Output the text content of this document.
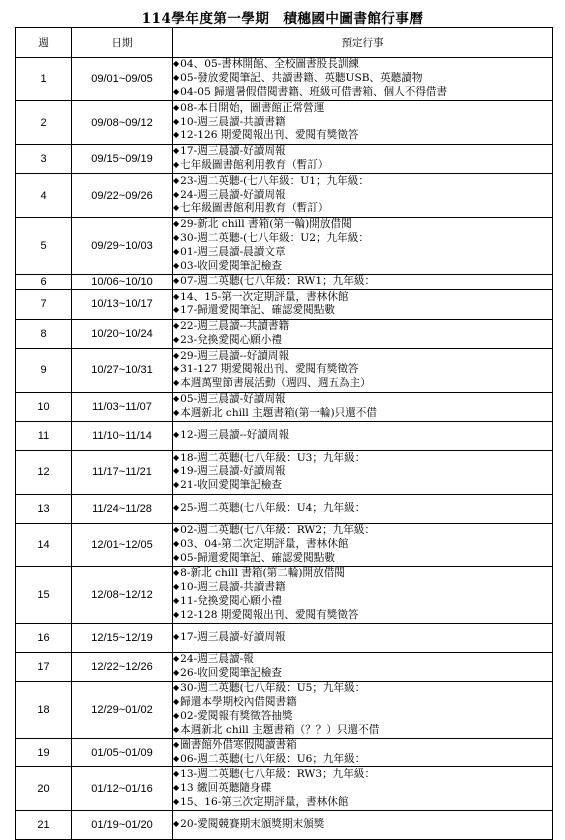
114學年度第一學期　積穗國中圖書館行事曆
週	日期	預定行事
1	09/01~09/05	◆ 04、05-書林開館、全校圖書股長訓練
◆ 05-發放愛閱筆記、共讀書籍、英聽USB、英聽讀物
◆ 04-05 歸還暑假借閱書籍、班級可借書箱、個人不得借書

2	09/08~09/12	◆ 08-本日開始，圖書館正常營運
◆ 10-週三晨讀-共讀書籍
◆ 12-126 期愛閱報出刊、愛閱有獎徵答

3	09/15~09/19	◆ 17-週三晨讀-好讀周報
◆ 七年級圖書館利用教育（暫訂）

4	09/22~09/26	◆ 23-週二英聽-(七八年級：U1；九年級：
◆ 24-週三晨讀-好讀周報
◆ 七年級圖書館利用教育（暫訂）

5	09/29~10/03	◆ 29-新北 chill 書箱(第一輪)開放借閱
◆ 30-週二英聽-(七八年級：U2；九年級：
◆ 01-週三晨讀-晨讀文章
◆ 03-收回愛閱筆記檢查

6	10/06~10/10	◆ 07-週二英聽(七八年級：RW1；九年級：

7	10/13~10/17	◆ 14、15-第一次定期評量，書林休館
◆ 17-歸還愛閱筆記、確認愛閱點數

8	10/20~10/24	◆ 22-週三晨讀--共讀書籍
◆ 23-兌換愛閱心願小禮

9	10/27~10/31	◆ 29-週三晨讀--好讀周報
◆ 31-127 期愛閱報出刊、愛閱有獎徵答
◆ 本週萬聖節書展活動（週四、週五為主）

10	11/03~11/07	◆ 05-週三晨讀-好讀周報
◆ 本週新北 chill 主題書箱(第一輪)只還不借

11	11/10~11/14	◆ 12-週三晨讀--好讀周報

12	11/17~11/21	◆ 18-週二英聽(七八年級：U3；九年級：
◆ 19-週三晨讀-好讀周報
◆ 21-收回愛閱筆記檢查

13	11/24~11/28	◆ 25-週二英聽(七八年級：U4；九年級：

14	12/01~12/05	◆ 02-週二英聽(七八年級：RW2；九年級：
◆ 03、04-第二次定期評量，書林休館
◆ 05-歸還愛閱筆記、確認愛閱點數

15	12/08~12/12	◆ 8-新北 chill 書箱(第二輪)開放借閱
◆ 10-週三晨讀-共讀書籍
◆ 11-兌換愛閱心願小禮
◆ 12-128 期愛閱報出刊、愛閱有獎徵答

16	12/15~12/19	◆ 17-週三晨讀-好讀周報

17	12/22~12/26	◆ 24-週三晨讀-報
◆ 26-收回愛閱筆記檢查

18	12/29~01/02	◆ 30-週二英聽(七八年級：U5；九年級：
◆ 歸還本學期校內借閱書籍
◆ 02-愛閱報有獎徵答抽獎
◆ 本週新北 chill 主題書箱（？？）只還不借

19	01/05~01/09	◆ 圖書館外借寒假閱讀書箱
◆ 06-週二英聽(七八年級：U6；九年級：

20	01/12~01/16	◆ 13-週二英聽(七八年級：RW3；九年級：
◆ 13 繳回英聽隨身碟
◆ 15、16-第三次定期評量，書林休館

21	01/19~01/20	◆ 20-愛閱競賽期末頒獎期末頒獎
